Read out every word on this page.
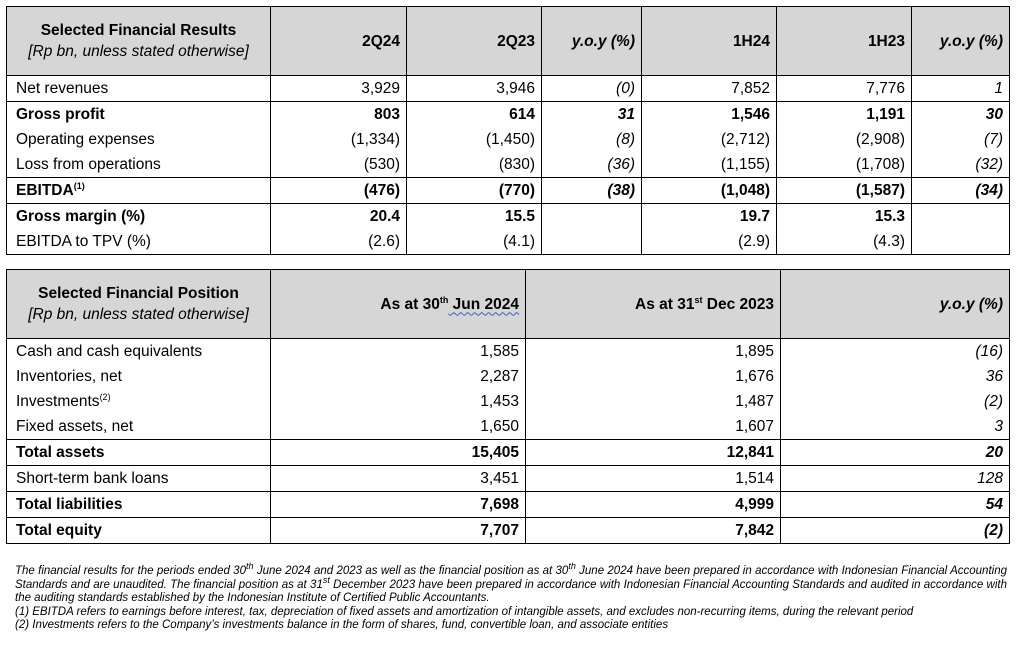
Selected Financial Results
[Rp bn, unless stated otherwise]	2Q24	2Q23	y.o.y (%)	1H24	1H23	y.o.y (%)
Net revenues	3,929	3,946	(0)	7,852	7,776	1
Gross profit	803	614	31	1,546	1,191	30
Operating expenses	(1,334)	(1,450)	(8)	(2,712)	(2,908)	(7)
Loss from operations	(530)	(830)	(36)	(1,155)	(1,708)	(32)
EBITDA$^{(1)}$	(476)	(770)	(38)	(1,048)	(1,587)	(34)
Gross margin (%)	20.4	15.5		19.7	15.3	
EBITDA to TPV (%)	(2.6)	(4.1)		(2.9)	(4.3)	
Selected Financial Position
[Rp bn, unless stated otherwise]	As at 30th Jun 2024	As at 31st Dec 2023	y.o.y (%)
Cash and cash equivalents	1,585	1,895	(16)
Inventories, net	2,287	1,676	36
Investments$^{(2)}$	1,453	1,487	(2)
Fixed assets, net	1,650	1,607	3
Total assets	15,405	12,841	20
Short-term bank loans	3,451	1,514	128
Total liabilities	7,698	4,999	54
Total equity	7,707	7,842	(2)

The financial results for the periods ended 30th June 2024 and 2023 as well as the financial position as at 30th June 2024 have been prepared in accordance with Indonesian Financial Accounting Standards and are unaudited. The financial position as at 31st December 2023 have been prepared in accordance with Indonesian Financial Accounting Standards and audited in accordance with the auditing standards established by the Indonesian Institute of Certified Public Accountants.

(1) EBITDA refers to earnings before interest, tax, depreciation of fixed assets and amortization of intangible assets, and excludes non-recurring items, during the relevant period

(2) Investments refers to the Company’s investments balance in the form of shares, fund, convertible loan, and associate entities
